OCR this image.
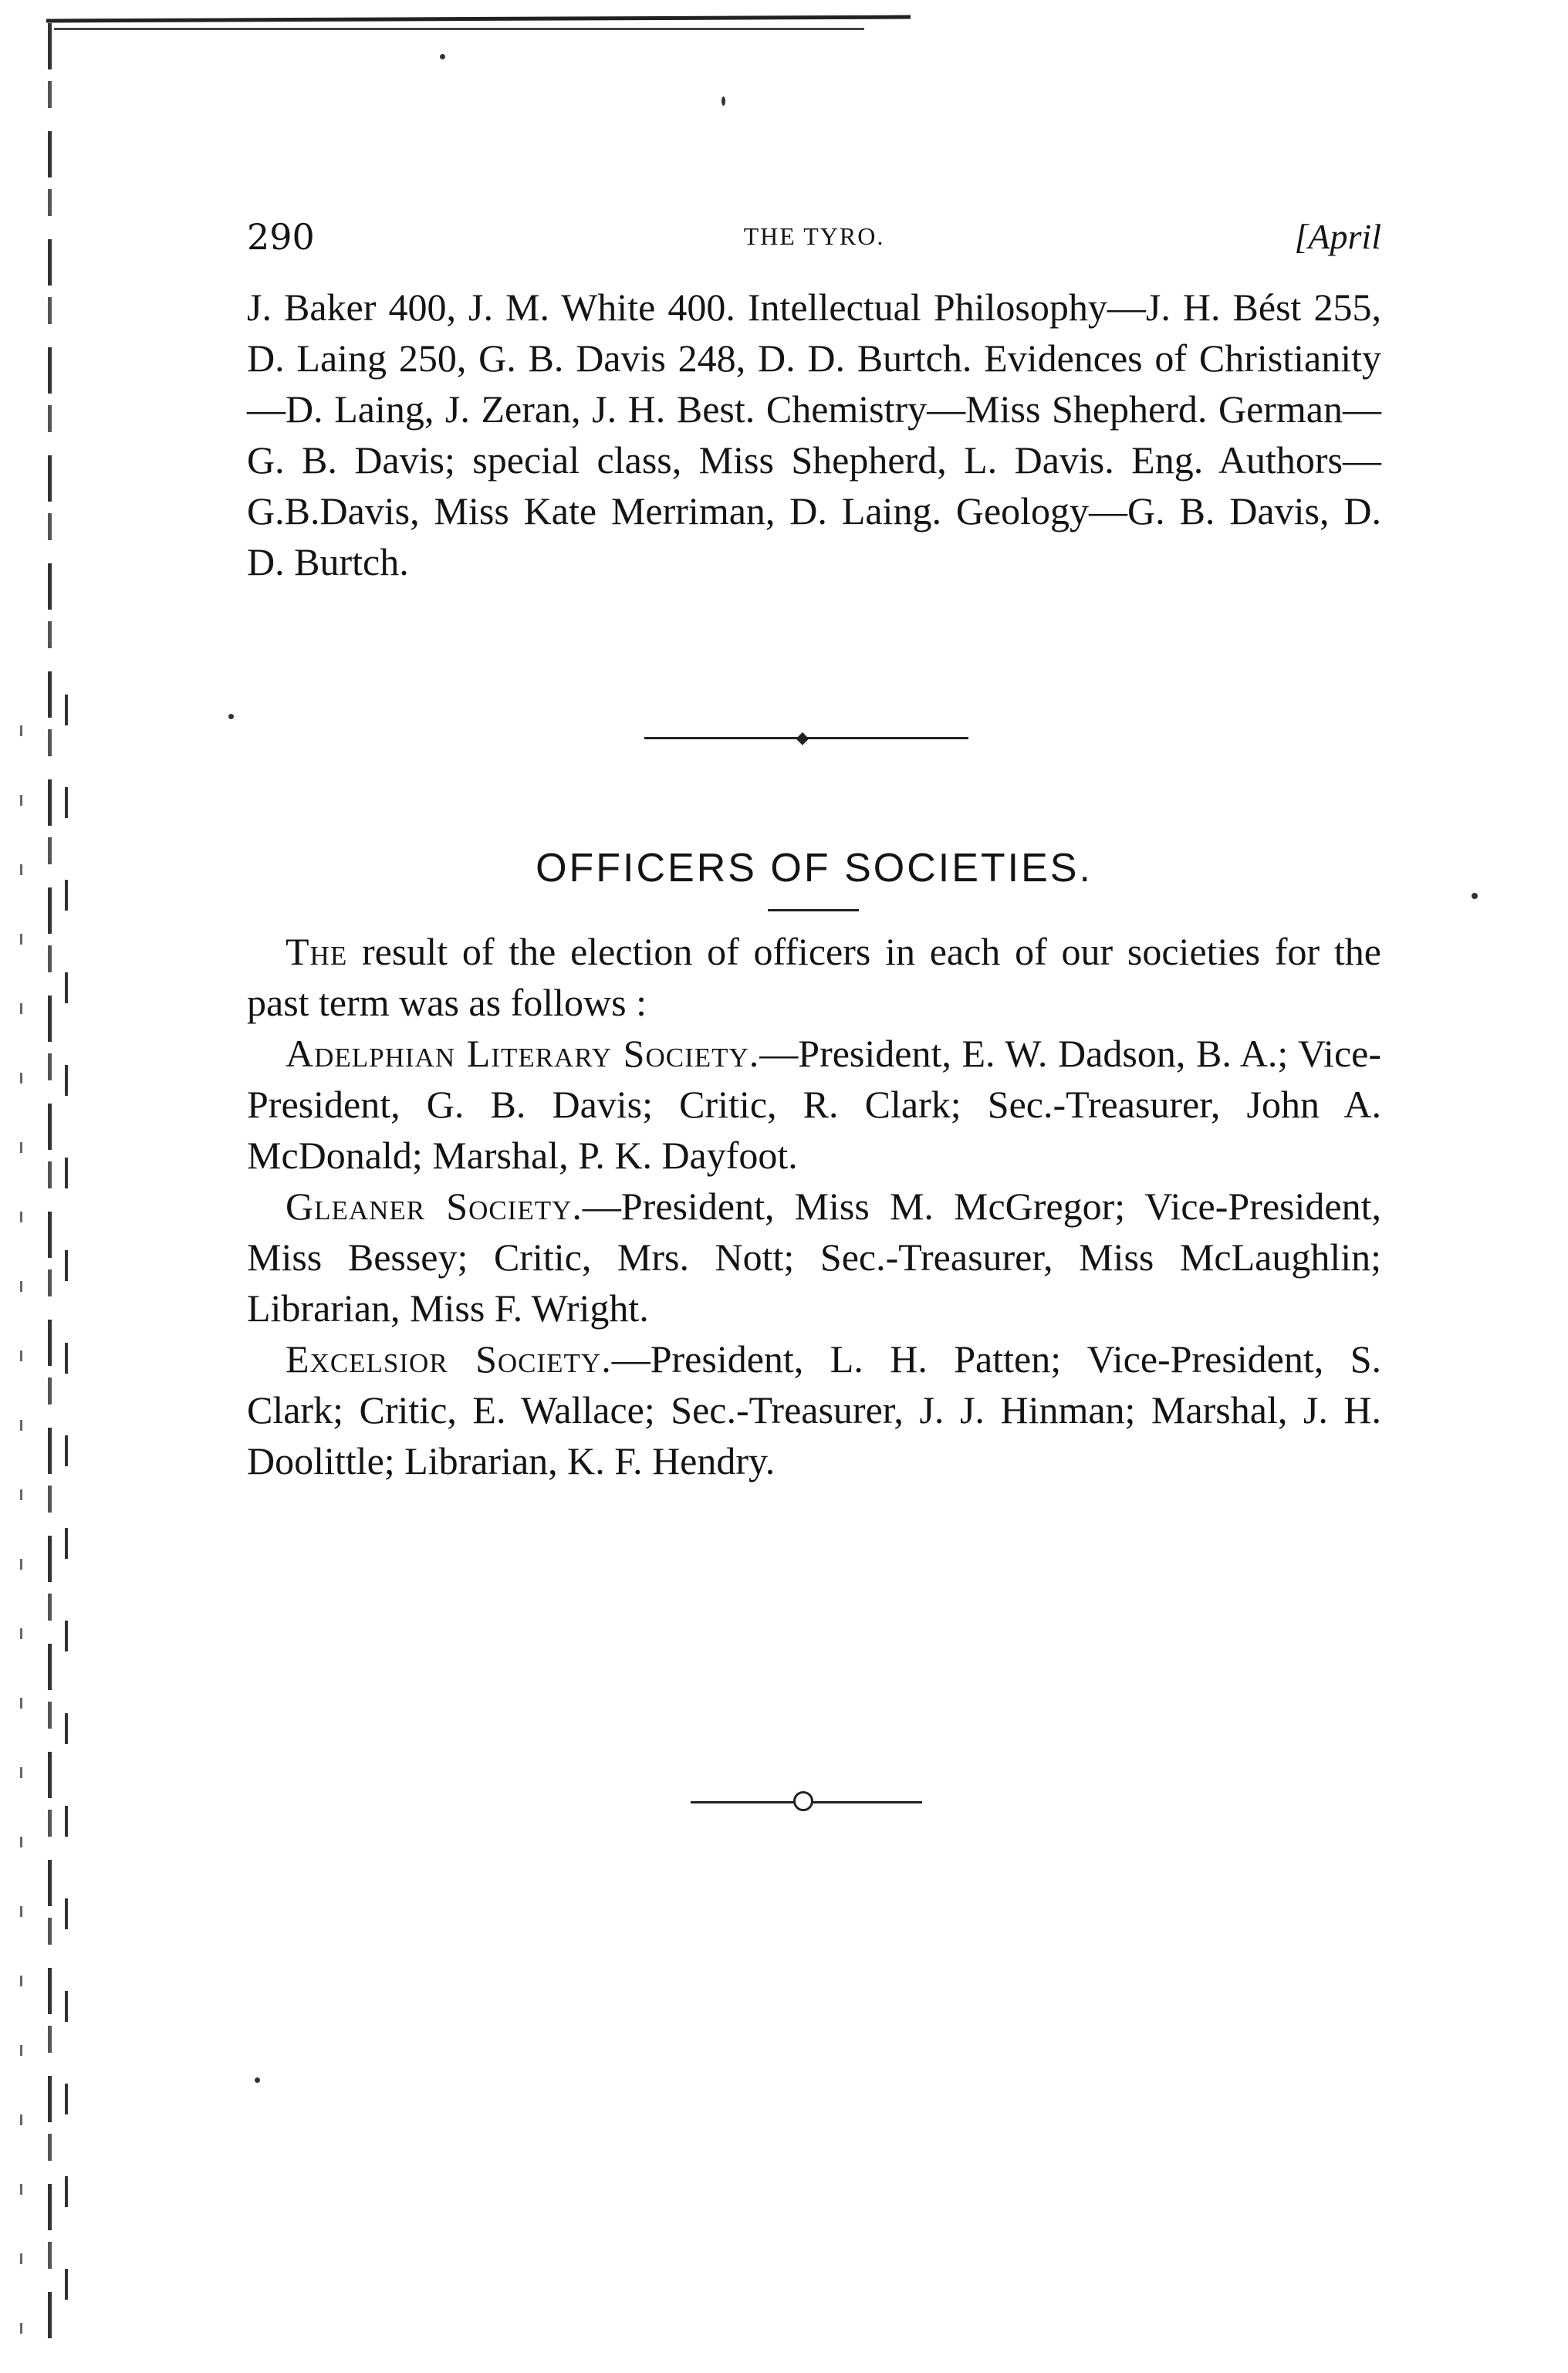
290	THE TYRO.	[April

J. Baker 400, J. M. White 400. Intellectual Philosophy—J. H. Bést 255, D. Laing 250, G. B. Davis 248, D. D. Burtch. Evidences of Christianity—D. Laing, J. Zeran, J. H. Best. Chemistry—Miss Shepherd. German—G. B. Davis; special class, Miss Shepherd, L. Davis. Eng. Authors—G.B.Davis, Miss Kate Merriman, D. Laing. Geology—G. B. Davis, D. D. Burtch.

◆
OFFICERS OF SOCIETIES.

The result of the election of officers in each of our societies for the past term was as follows :

Adelphian Literary Society.—President, E. W. Dadson, B. A.; Vice-President, G. B. Davis; Critic, R. Clark; Sec.-Treasurer, John A. McDonald; Marshal, P. K. Dayfoot.

Gleaner Society.—President, Miss M. McGregor; Vice-President, Miss Bessey; Critic, Mrs. Nott; Sec.-Treasurer, Miss McLaughlin; Librarian, Miss F. Wright.

Excelsior Society.—President, L. H. Patten; Vice-President, S. Clark; Critic, E. Wallace; Sec.-Treasurer, J. J. Hinman; Marshal, J. H. Doolittle; Librarian, K. F. Hendry.
